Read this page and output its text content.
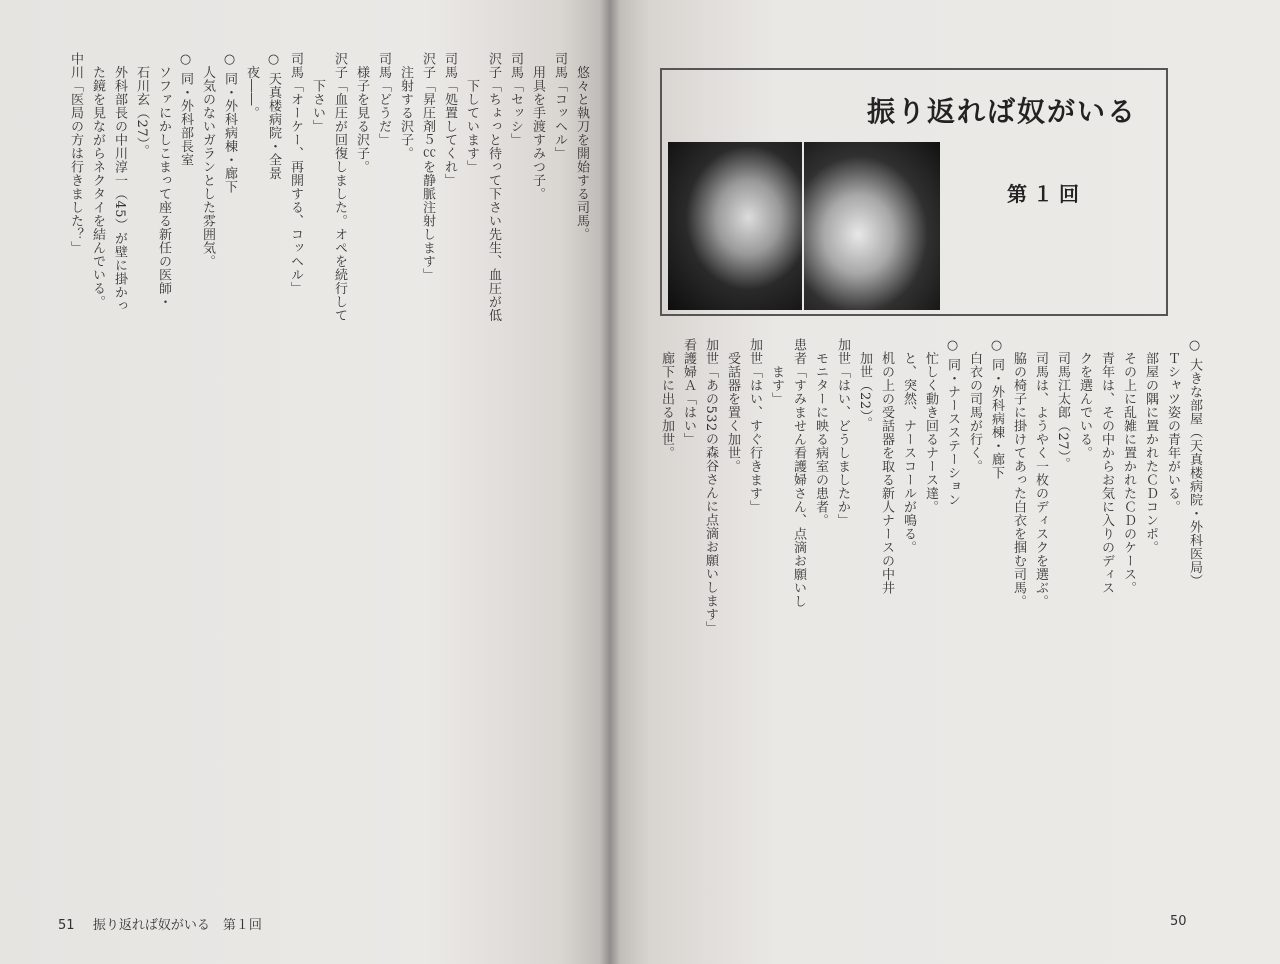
　悠々と執刀を開始する司馬。
司馬「コッヘル」
　用具を手渡すみつ子。
司馬「セッシ」
沢子「ちょっと待って下さい先生、血圧が低
　　下しています」
司馬「処置してくれ」
沢子「昇圧剤５㏄を静脈注射します」
　注射する沢子。
司馬「どうだ」
　様子を見る沢子。
沢子「血圧が回復しました。オペを続行して
　　下さい」
司馬「オーケー、再開する、コッヘル」
○ 天真楼病院・全景
　夜――。
○ 同・外科病棟・廊下
　人気のないガランとした雰囲気。
○ 同・外科部長室
　ソファにかしこまって座る新任の医師・
　石川玄（27）。
　外科部長の中川淳一（45）が壁に掛かっ
　た鏡を見ながらネクタイを結んでいる。
中川「医局の方は行きました？」
51 振り返れば奴がいる　第１回
○ 大きな部屋（天真楼病院・外科医局）
　Ｔシャツ姿の青年がいる。
　部屋の隅に置かれたＣＤコンポ。
　その上に乱雑に置かれたＣＤのケース。
　青年は、その中からお気に入りのディス
　クを選んでいる。
　司馬江太郎（27）。
　司馬は、ようやく一枚のディスクを選ぶ。
　脇の椅子に掛けてあった白衣を掴む司馬。
○ 同・外科病棟・廊下
　白衣の司馬が行く。
○ 同・ナースステーション
　忙しく動き回るナース達。
　と、突然、ナースコールが鳴る。
　机の上の受話器を取る新人ナースの中井
　加世（22）。
加世「はい、どうしましたか」
　モニターに映る病室の患者。
患者「すみません看護婦さん、点滴お願いし
　　ます」
加世「はい、すぐ行きます」
　受話器を置く加世。
加世「あの532の森谷さんに点滴お願いします」
看護婦Ａ「はい」
　廊下に出る加世。
50
振り返れば奴がいる
第１回
